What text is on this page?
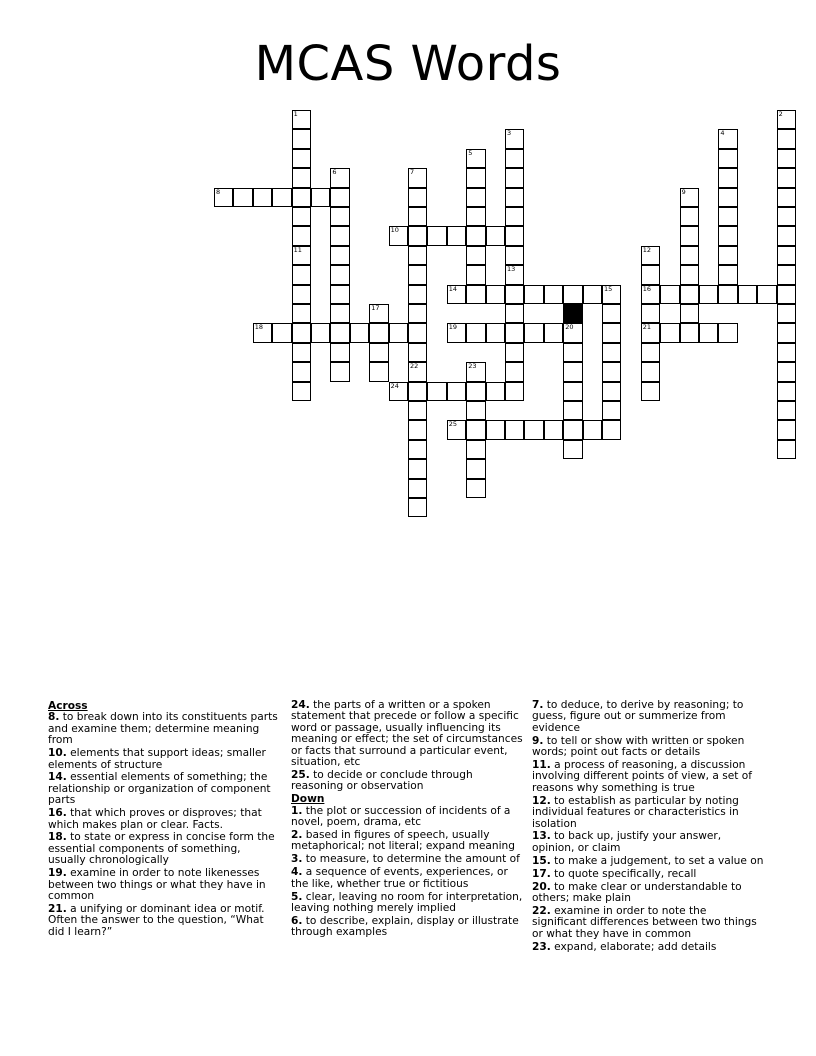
MCAS Words
1
11
2
3
13
4
5
6	7
9
12
16
21
15
17
20
22	23
8
10
14
18	19
24
25
Across
8. to break down into its constituents parts and examine them; determine meaning from
10. elements that support ideas; smaller elements of structure
14. essential elements of something; the relationship or organization of component parts
16. that which proves or disproves; that which makes plan or clear. Facts.
18. to state or express in concise form the essential components of something, usually chronologically
19. examine in order to note likenesses between two things or what they have in common
21. a unifying or dominant idea or motif. Often the answer to the question, “What did I learn?”
24. the parts of a written or a spoken statement that precede or follow a specific word or passage, usually influencing its meaning or effect; the set of circumstances or facts that surround a particular event, situation, etc
25. to decide or conclude through reasoning or observation
Down
1. the plot or succession of incidents of a novel, poem, drama, etc
2. based in figures of speech, usually metaphorical; not literal; expand meaning
3. to measure, to determine the amount of
4. a sequence of events, experiences, or the like, whether true or fictitious
5. clear, leaving no room for interpretation, leaving nothing merely implied
6. to describe, explain, display or illustrate through examples
7. to deduce, to derive by reasoning; to guess, figure out or summerize from evidence
9. to tell or show with written or spoken words; point out facts or details
11. a process of reasoning, a discussion involving different points of view, a set of reasons why something is true
12. to establish as particular by noting individual features or characteristics in isolation
13. to back up, justify your answer, opinion, or claim
15. to make a judgement, to set a value on
17. to quote specifically, recall
20. to make clear or understandable to others; make plain
22. examine in order to note the significant differences between two things or what they have in common
23. expand, elaborate; add details
